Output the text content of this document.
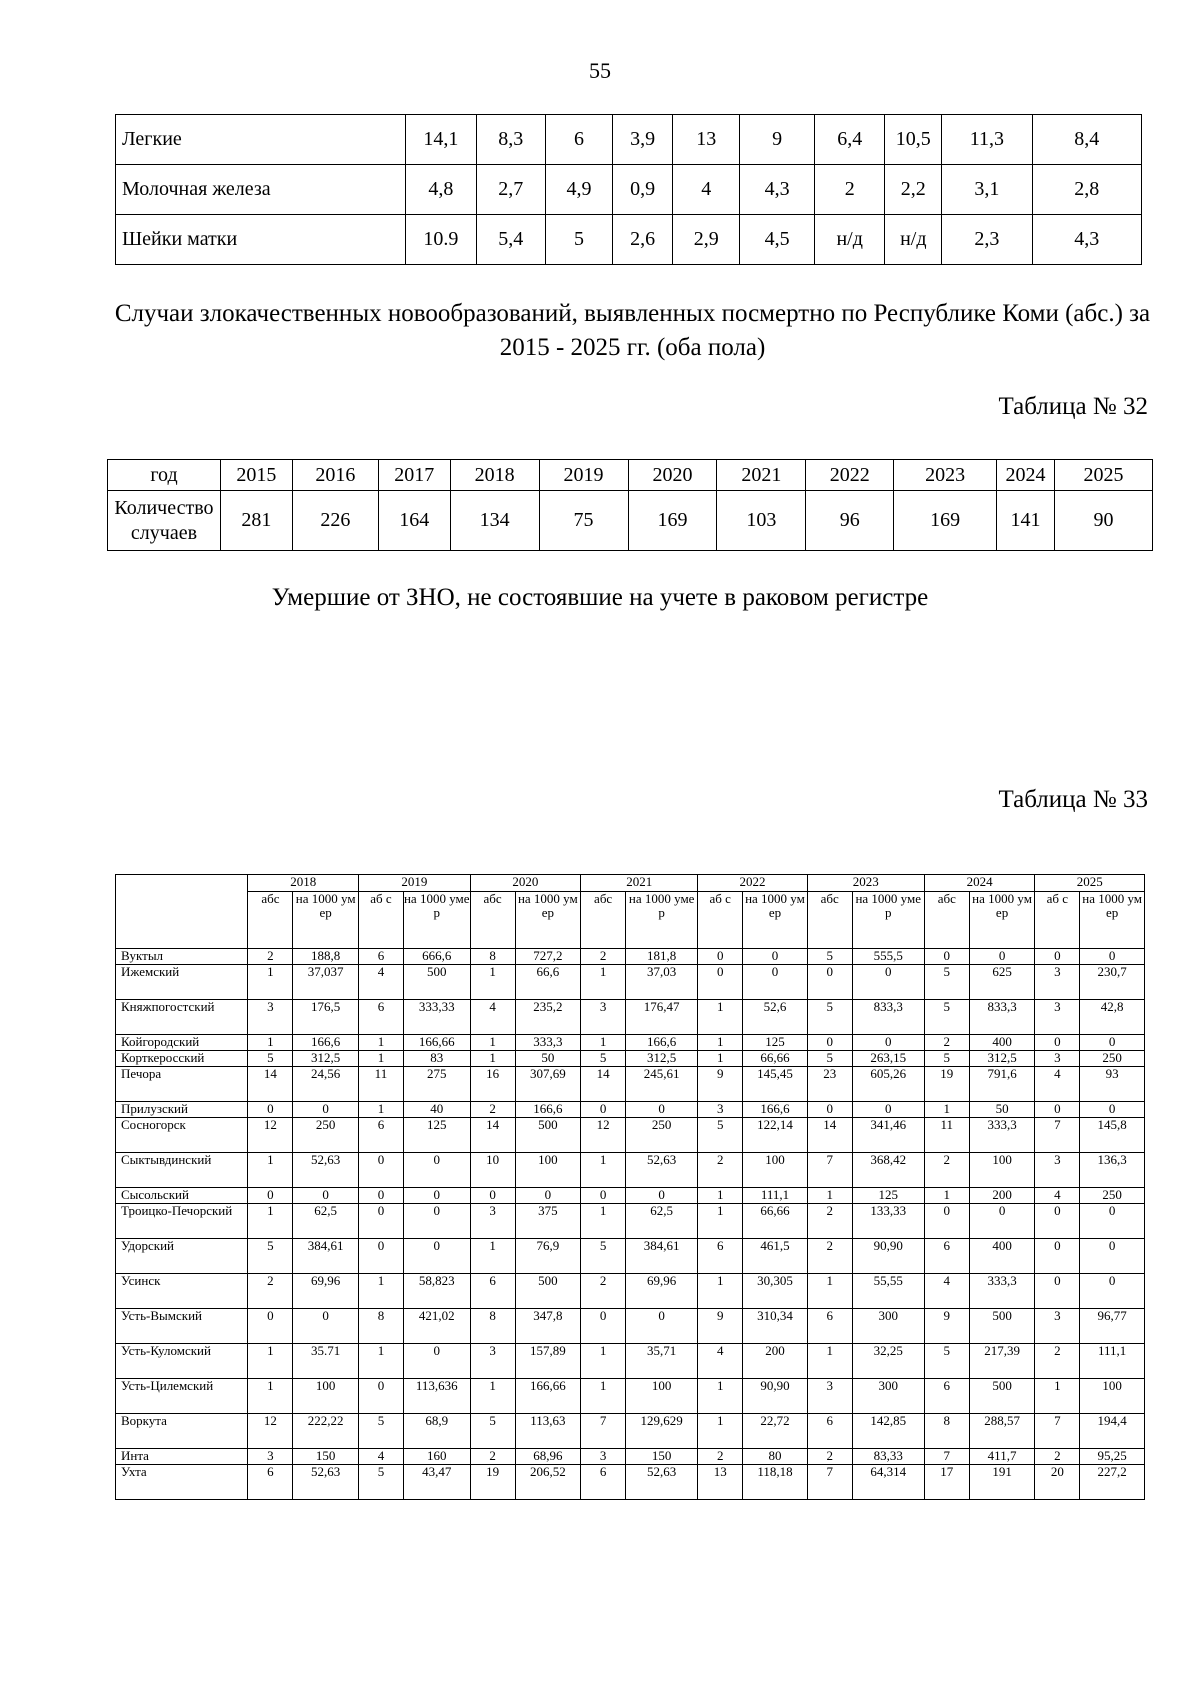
55
Легкие	14,1	8,3	6	3,9	13	9	6,4	10,5	11,3	8,4
Молочная железа	4,8	2,7	4,9	0,9	4	4,3	2	2,2	3,1	2,8
Шейки матки	10.9	5,4	5	2,6	2,9	4,5	н/д	н/д	2,3	4,3
Случаи злокачественных новообразований, выявленных посмертно по Республике Коми (абс.) за 2015 - 2025 гг. (оба пола)
Таблица № 32
год	2015	2016	2017	2018	2019	2020	2021	2022	2023	2024	2025
Количество случаев	281	226	164	134	75	169	103	96	169	141	90
Умершие от ЗНО, не состоявшие на учете в раковом регистре
Таблица № 33
	2018		2019		2020		2021		2022		2023		2024		2025	
	абс	на 1000 умер	аб с	на 1000 умер	абс	на 1000 умер	абс	на 1000 умер	аб с	на 1000 умер	абс	на 1000 умер	абс	на 1000 умер	аб с	на 1000 умер
Вуктыл	2	188,8	6	666,6	8	727,2	2	181,8	0	0	5	555,5	0	0	0	0
Ижемский	1	37,037	4	500	1	66,6	1	37,03	0	0	0	0	5	625	3	230,7
Княжпогостский	3	176,5	6	333,33	4	235,2	3	176,47	1	52,6	5	833,3	5	833,3	3	42,8
Койгородский	1	166,6	1	166,66	1	333,3	1	166,6	1	125	0	0	2	400	0	0
Корткеросский	5	312,5	1	83	1	50	5	312,5	1	66,66	5	263,15	5	312,5	3	250
Печора	14	24,56	11	275	16	307,69	14	245,61	9	145,45	23	605,26	19	791,6	4	93
Прилузский	0	0	1	40	2	166,6	0	0	3	166,6	0	0	1	50	0	0
Сосногорск	12	250	6	125	14	500	12	250	5	122,14	14	341,46	11	333,3	7	145,8
Сыктывдинский	1	52,63	0	0	10	100	1	52,63	2	100	7	368,42	2	100	3	136,3
Сысольский	0	0	0	0	0	0	0	0	1	111,1	1	125	1	200	4	250
Троицко-Печорский	1	62,5	0	0	3	375	1	62,5	1	66,66	2	133,33	0	0	0	0
Удорский	5	384,61	0	0	1	76,9	5	384,61	6	461,5	2	90,90	6	400	0	0
Усинск	2	69,96	1	58,823	6	500	2	69,96	1	30,305	1	55,55	4	333,3	0	0
Усть-Вымский	0	0	8	421,02	8	347,8	0	0	9	310,34	6	300	9	500	3	96,77
Усть-Куломский	1	35.71	1	0	3	157,89	1	35,71	4	200	1	32,25	5	217,39	2	111,1
Усть-Цилемский	1	100	0	113,636	1	166,66	1	100	1	90,90	3	300	6	500	1	100
Воркута	12	222,22	5	68,9	5	113,63	7	129,629	1	22,72	6	142,85	8	288,57	7	194,4
Инта	3	150	4	160	2	68,96	3	150	2	80	2	83,33	7	411,7	2	95,25
Ухта	6	52,63	5	43,47	19	206,52	6	52,63	13	118,18	7	64,314	17	191	20	227,2
